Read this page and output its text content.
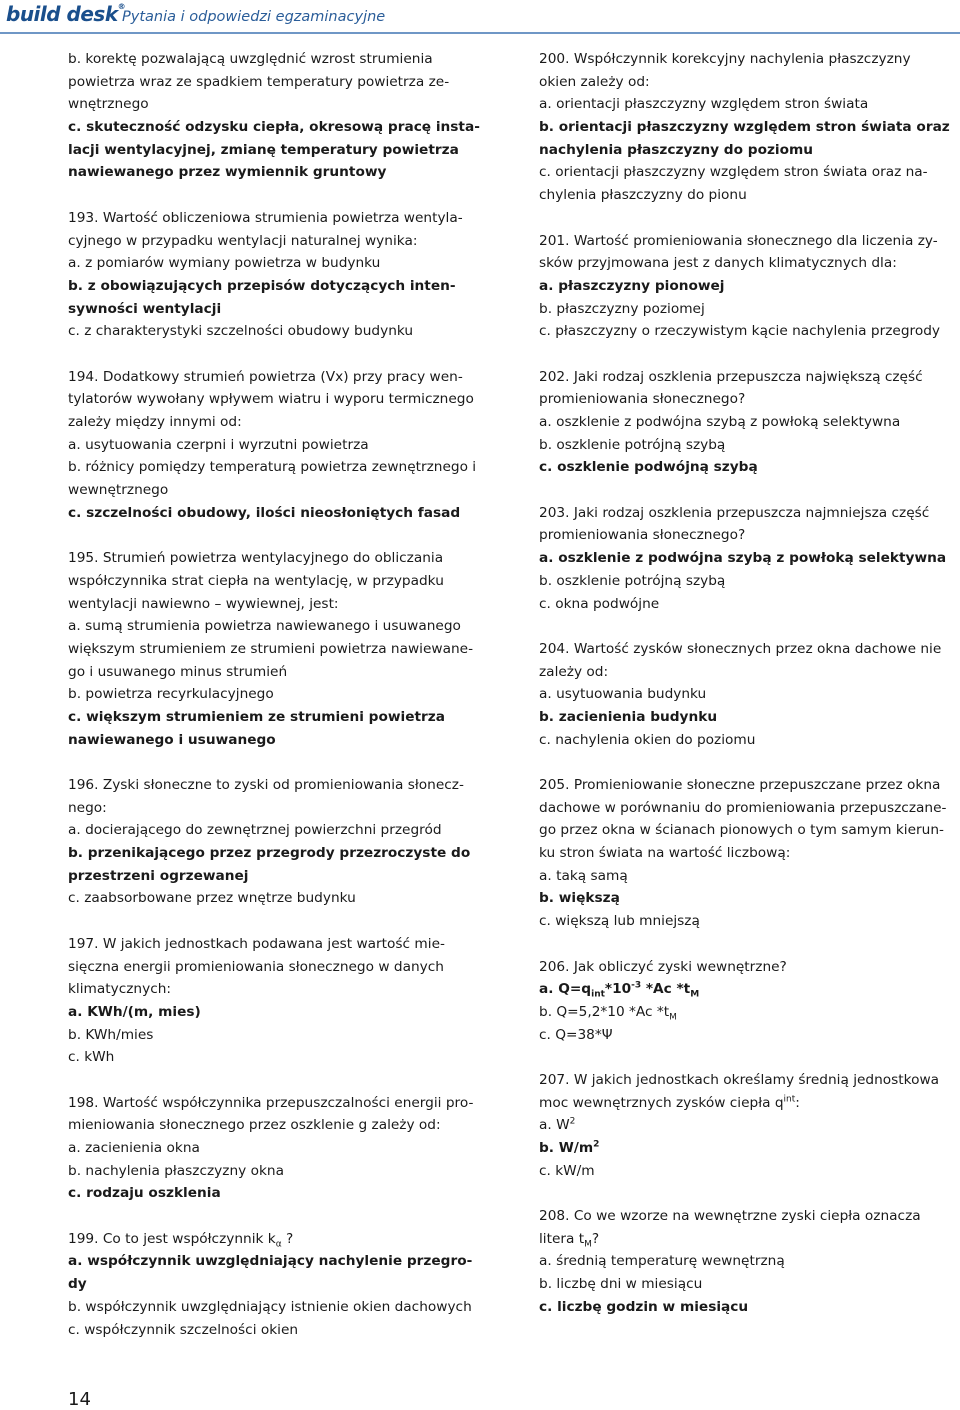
build desk®
Pytania i odpowiedzi egzaminacyjne
b. korektę pozwalającą uwzględnić wzrost strumienia
powietrza wraz ze spadkiem temperatury powietrza ze-
wnętrznego
c. skuteczność odzysku ciepła, okresową pracę insta-
lacji wentylacyjnej, zmianę temperatury powietrza
nawiewanego przez wymiennik gruntowy
193. Wartość obliczeniowa strumienia powietrza wentyla-
cyjnego w przypadku wentylacji naturalnej wynika:
a. z pomiarów wymiany powietrza w budynku
b. z obowiązujących przepisów dotyczących inten-
sywności wentylacji
c. z charakterystyki szczelności obudowy budynku
194. Dodatkowy strumień powietrza (Vx) przy pracy wen-
tylatorów wywołany wpływem wiatru i wyporu termicznego
zależy między innymi od:
a. usytuowania czerpni i wyrzutni powietrza
b. różnicy pomiędzy temperaturą powietrza zewnętrznego i
wewnętrznego
c. szczelności obudowy, ilości nieosłoniętych fasad
195. Strumień powietrza wentylacyjnego do obliczania
współczynnika strat ciepła na wentylację, w przypadku
wentylacji nawiewno – wywiewnej, jest:
a. sumą strumienia powietrza nawiewanego i usuwanego
większym strumieniem ze strumieni powietrza nawiewane-
go i usuwanego minus strumień
b. powietrza recyrkulacyjnego
c. większym strumieniem ze strumieni powietrza
nawiewanego i usuwanego
196. Zyski słoneczne to zyski od promieniowania słonecz-
nego:
a. docierającego do zewnętrznej powierzchni przegród
b. przenikającego przez przegrody przezroczyste do
przestrzeni ogrzewanej
c. zaabsorbowane przez wnętrze budynku
197. W jakich jednostkach podawana jest wartość mie-
sięczna energii promieniowania słonecznego w danych
klimatycznych:
a. KWh/(m, mies)
b. KWh/mies
c. kWh
198. Wartość współczynnika przepuszczalności energii pro-
mieniowania słonecznego przez oszklenie g zależy od:
a. zacienienia okna
b. nachylenia płaszczyzny okna
c. rodzaju oszklenia
199. Co to jest współczynnik $k_\alpha$ ?
a. współczynnik uwzględniający nachylenie przegro-
dy
b. współczynnik uwzględniający istnienie okien dachowych
c. współczynnik szczelności okien
200. Współczynnik korekcyjny nachylenia płaszczyzny
okien zależy od:
a. orientacji płaszczyzny względem stron świata
b. orientacji płaszczyzny względem stron świata oraz
nachylenia płaszczyzny do poziomu
c. orientacji płaszczyzny względem stron świata oraz na-
chylenia płaszczyzny do pionu
201. Wartość promieniowania słonecznego dla liczenia zy-
sków przyjmowana jest z danych klimatycznych dla:
a. płaszczyzny pionowej
b. płaszczyzny poziomej
c. płaszczyzny o rzeczywistym kącie nachylenia przegrody
202. Jaki rodzaj oszklenia przepuszcza największą część
promieniowania słonecznego?
a. oszklenie z podwójna szybą z powłoką selektywna
b. oszklenie potrójną szybą
c. oszklenie podwójną szybą
203. Jaki rodzaj oszklenia przepuszcza najmniejsza część
promieniowania słonecznego?
a. oszklenie z podwójna szybą z powłoką selektywna
b. oszklenie potrójną szybą
c. okna podwójne
204. Wartość zysków słonecznych przez okna dachowe nie
zależy od:
a. usytuowania budynku
b. zacienienia budynku
c. nachylenia okien do poziomu
205. Promieniowanie słoneczne przepuszczane przez okna
dachowe w porównaniu do promieniowania przepuszczane-
go przez okna w ścianach pionowych o tym samym kierun-
ku stron świata na wartość liczbową:
a. taką samą
b. większą
c. większą lub mniejszą
206. Jak obliczyć zyski wewnętrzne?
a. $Q=q_{int}*10^{-3}$ *Ac $*t_M$
b. Q=5,2*10 *Ac $*t_M$
c. Q=38*Ψ
207. W jakich jednostkach określamy średnią jednostkowa
moc wewnętrznych zysków ciepła $q^{int}$:
a. $W^2$
b. $W/m^2$
c. kW/m
208. Co we wzorze na wewnętrzne zyski ciepła oznacza
litera $t_M$?
a. średnią temperaturę wewnętrzną
b. liczbę dni w miesiącu
c. liczbę godzin w miesiącu
14
